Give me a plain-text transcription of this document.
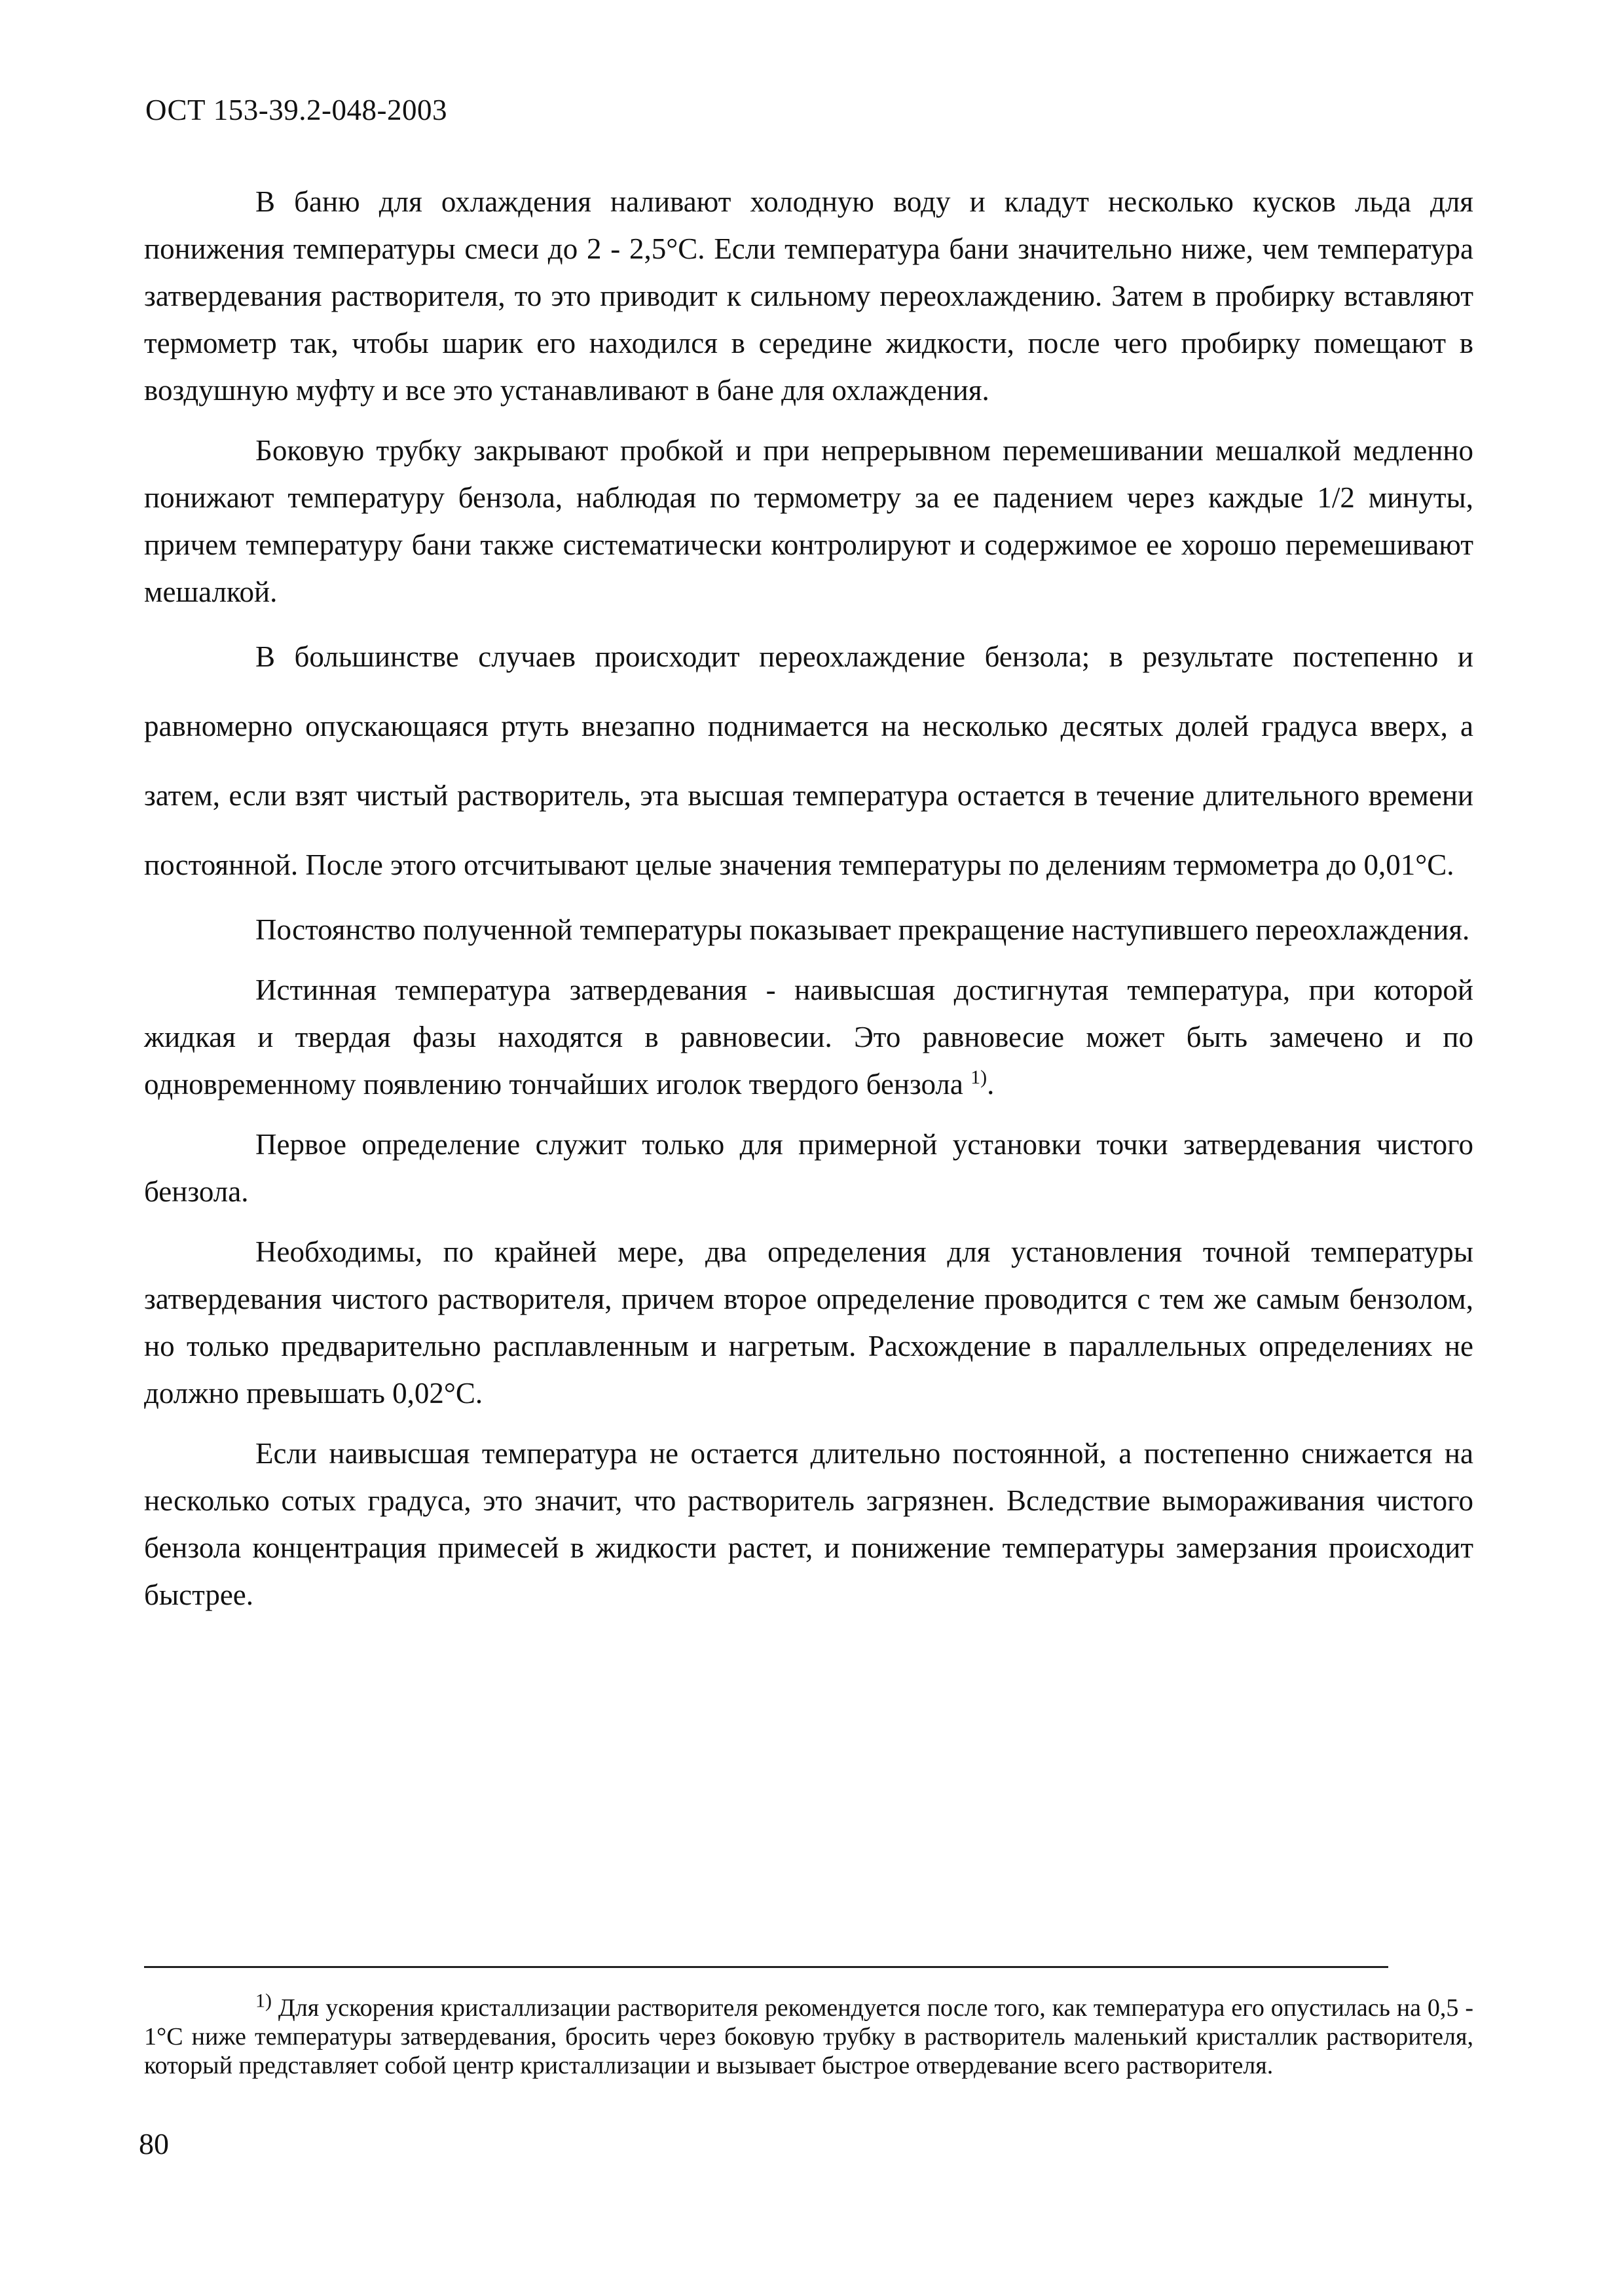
ОСТ 153-39.2-048-2003

В баню для охлаждения наливают холодную воду и кладут несколько кусков льда для понижения температуры смеси до 2 - 2,5°C. Если температура бани значительно ниже, чем температура затвердевания растворителя, то это приводит к сильному переохлаждению. Затем в пробирку вставляют термометр так, чтобы шарик его находился в середине жидкости, после чего пробирку помещают в воздушную муфту и все это устанавливают в бане для охлаждения.

Боковую трубку закрывают пробкой и при непрерывном перемешивании мешалкой медленно понижают температуру бензола, наблюдая по термометру за ее падением через каждые 1/2 минуты, причем температуру бани также систематически контролируют и содержимое ее хорошо перемешивают мешалкой.

В большинстве случаев происходит переохлаждение бензола; в результате постепенно и равномерно опускающаяся ртуть внезапно поднимается на несколько десятых долей градуса вверх, а затем, если взят чистый растворитель, эта высшая температура остается в течение длительного времени постоянной. После этого отсчитывают целые значения температуры по делениям термометра до 0,01°C.

Постоянство полученной температуры показывает прекращение наступившего переохлаждения.

Истинная температура затвердевания - наивысшая достигнутая температура, при которой жидкая и твердая фазы находятся в равновесии. Это равновесие может быть замечено и по одновременному появлению тончайших иголок твердого бензола $^{1)}$.

Первое определение служит только для примерной установки точки затвердевания чистого бензола.

Необходимы, по крайней мере, два определения для установления точной температуры затвердевания чистого растворителя, причем второе определение проводится с тем же самым бензолом, но только предварительно расплавленным и нагретым. Расхождение в параллельных определениях не должно превышать 0,02°C.

Если наивысшая температура не остается длительно постоянной, а постепенно снижается на несколько сотых градуса, это значит, что растворитель загрязнен. Вследствие вымораживания чистого бензола концентрация примесей в жидкости растет, и понижение температуры замерзания происходит быстрее.

$^{1)}$ Для ускорения кристаллизации растворителя рекомендуется после того, как температура его опустилась на 0,5 - 1°C ниже температуры затвердевания, бросить через боковую трубку в растворитель маленький кристаллик растворителя, который представляет собой центр кристаллизации и вызывает быстрое отвердевание всего растворителя.
80
